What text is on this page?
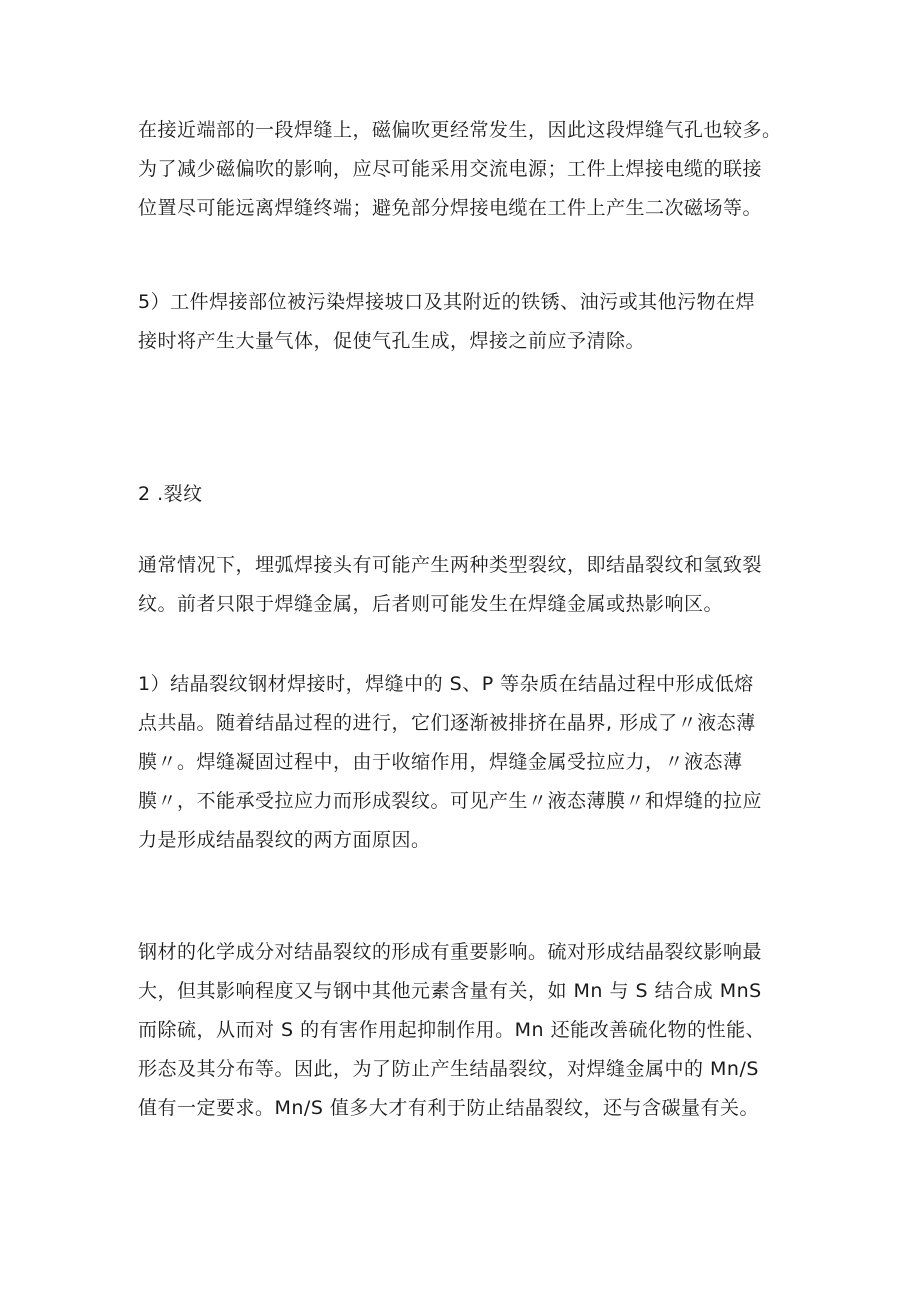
在接近端部的一段焊缝上，磁偏吹更经常发生，因此这段焊缝气孔也较多。
为了减少磁偏吹的影响，应尽可能采用交流电源；工件上焊接电缆的联接
位置尽可能远离焊缝终端；避免部分焊接电缆在工件上产生二次磁场等。

5）工件焊接部位被污染焊接坡口及其附近的铁锈、油污或其他污物在焊
接时将产生大量气体，促使气孔生成，焊接之前应予清除。

2 .裂纹

通常情况下，埋弧焊接头有可能产生两种类型裂纹，即结晶裂纹和氢致裂
纹。前者只限于焊缝金属，后者则可能发生在焊缝金属或热影响区。

1）结晶裂纹钢材焊接时，焊缝中的 S、P 等杂质在结晶过程中形成低熔
点共晶。随着结晶过程的进行，它们逐渐被排挤在晶界, 形成了〃液态薄
膜〃。焊缝凝固过程中，由于收缩作用，焊缝金属受拉应力，〃液态薄
膜〃，不能承受拉应力而形成裂纹。可见产生〃液态薄膜〃和焊缝的拉应
力是形成结晶裂纹的两方面原因。

钢材的化学成分对结晶裂纹的形成有重要影响。硫对形成结晶裂纹影响最
大，但其影响程度又与钢中其他元素含量有关，如 Mn 与 S 结合成 MnS
而除硫，从而对 S 的有害作用起抑制作用。Mn 还能改善硫化物的性能、
形态及其分布等。因此，为了防止产生结晶裂纹，对焊缝金属中的 Mn/S
值有一定要求。Mn/S 值多大才有利于防止结晶裂纹，还与含碳量有关。
